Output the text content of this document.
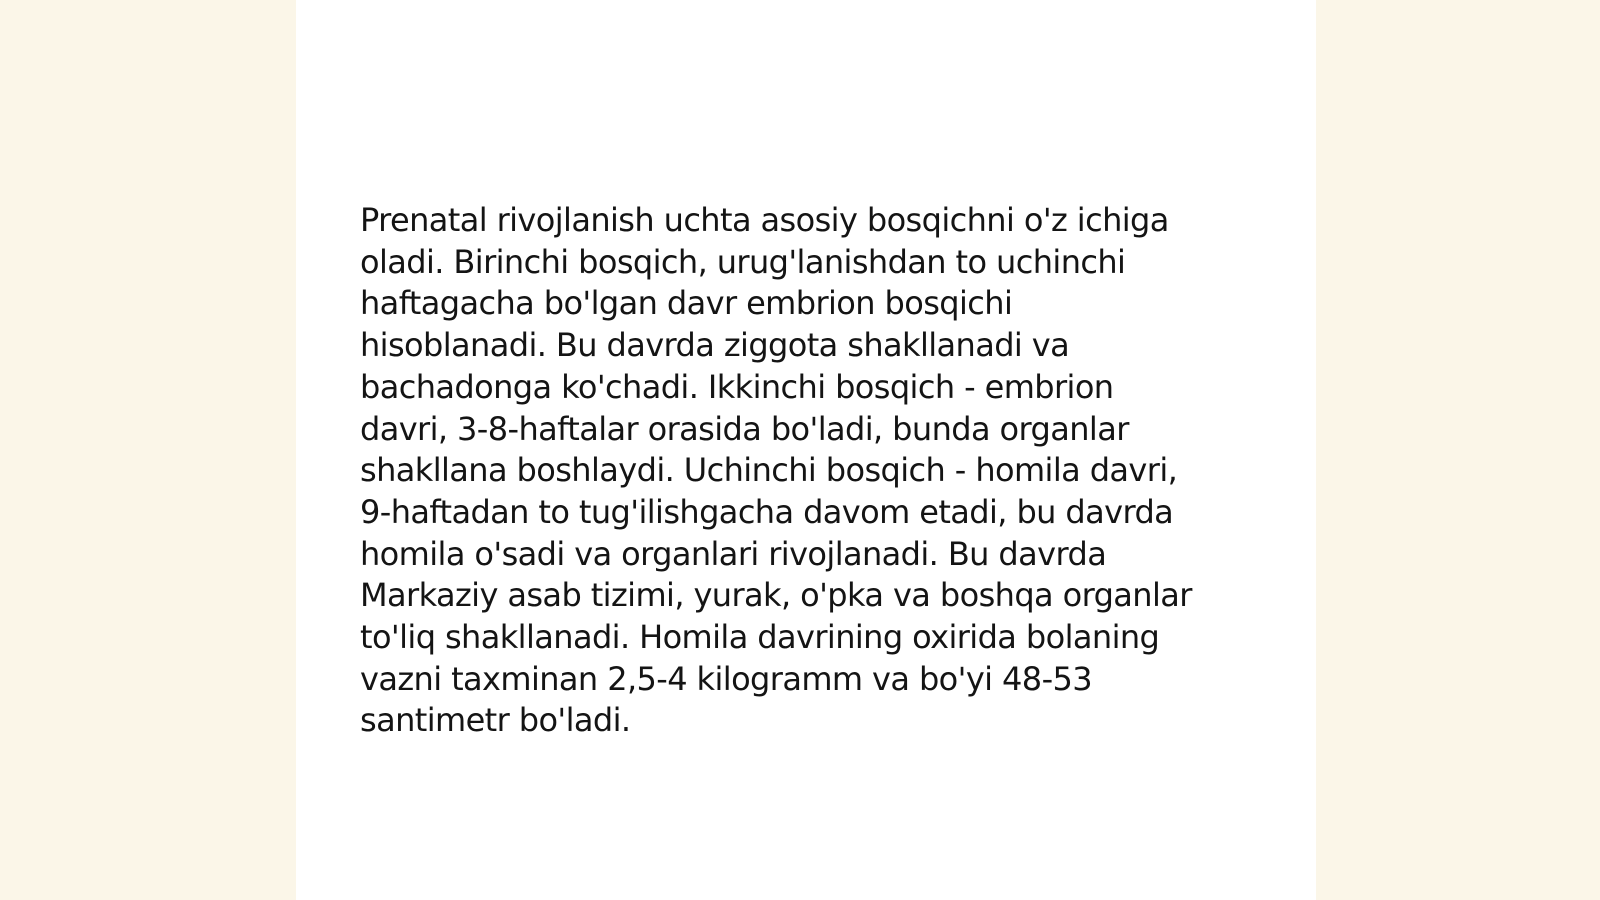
Prenatal rivojlanish uchta asosiy bosqichni o'z ichiga
oladi. Birinchi bosqich, urug'lanishdan to uchinchi
haftagacha bo'lgan davr embrion bosqichi
hisoblanadi. Bu davrda ziggota shakllanadi va
bachadonga ko'chadi. Ikkinchi bosqich - embrion
davri, 3-8-haftalar orasida bo'ladi, bunda organlar
shakllana boshlaydi. Uchinchi bosqich - homila davri,
9-haftadan to tug'ilishgacha davom etadi, bu davrda
homila o'sadi va organlari rivojlanadi. Bu davrda
Markaziy asab tizimi, yurak, o'pka va boshqa organlar
to'liq shakllanadi. Homila davrining oxirida bolaning
vazni taxminan 2,5-4 kilogramm va bo'yi 48-53
santimetr bo'ladi.
